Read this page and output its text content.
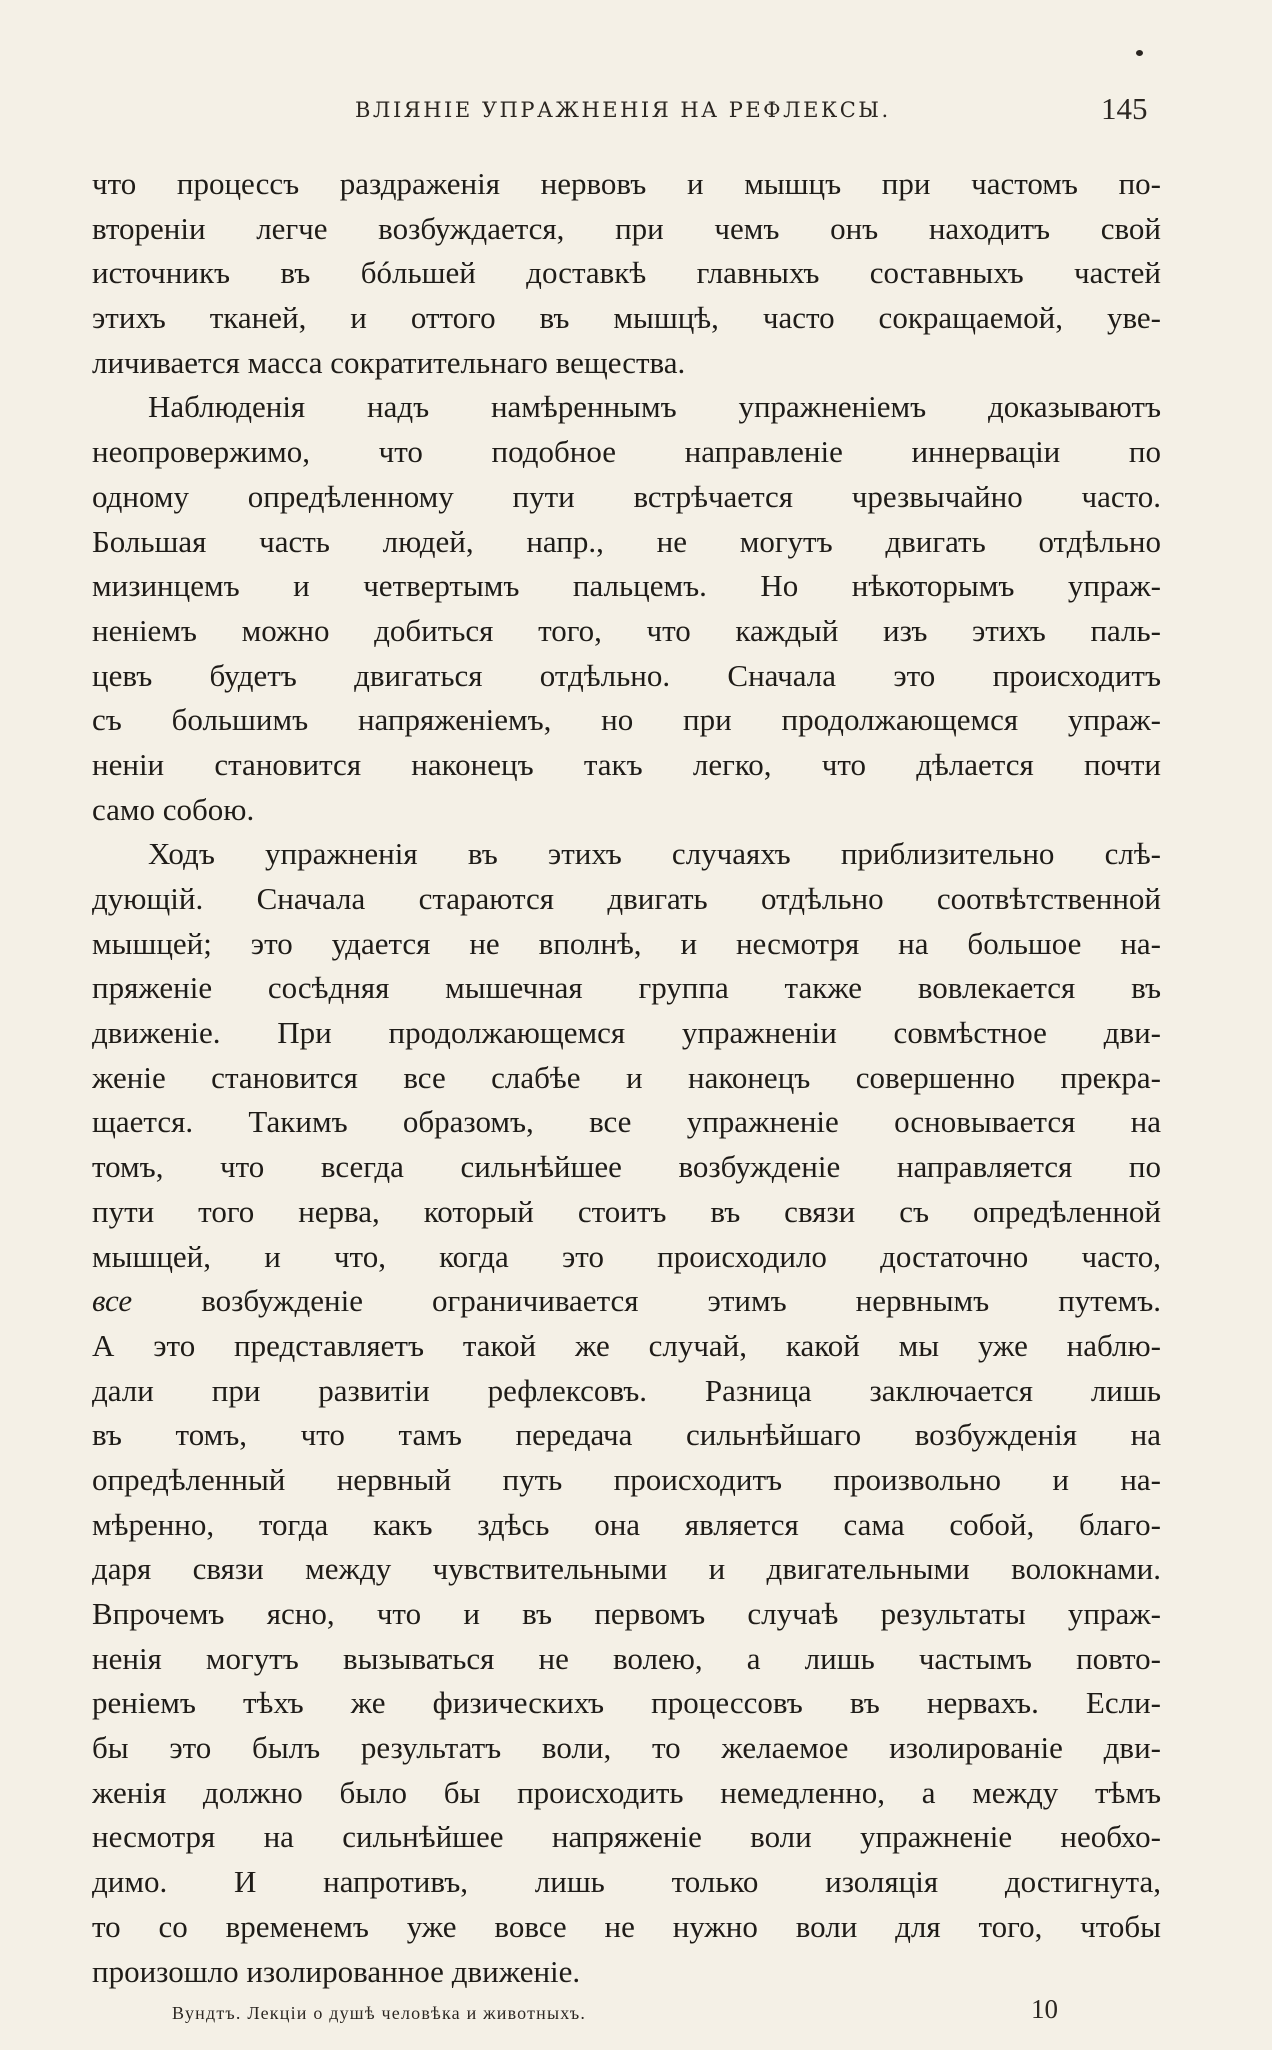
ВЛІЯНІЕ УПРАЖНЕНІЯ НА РЕФЛЕКСЫ.	145
что процессъ раздраженія нервовъ и мышцъ при частомъ по-
втореніи легче возбуждается, при чемъ онъ находитъ свой
источникъ въ бóльшей доставкѣ главныхъ составныхъ частей
этихъ тканей, и оттого въ мышцѣ, часто сокращаемой, уве-
личивается масса сократительнаго вещества.
Наблюденія надъ намѣреннымъ упражненіемъ доказываютъ
неопровержимо, что подобное направленіе иннерваціи по
одному опредѣленному пути встрѣчается чрезвычайно часто.
Большая часть людей, напр., не могутъ двигать отдѣльно
мизинцемъ и четвертымъ пальцемъ. Но нѣкоторымъ упраж-
неніемъ можно добиться того, что каждый изъ этихъ паль-
цевъ будетъ двигаться отдѣльно. Сначала это происходитъ
съ большимъ напряженіемъ, но при продолжающемся упраж-
неніи становится наконецъ такъ легко, что дѣлается почти
само собою.
Ходъ упражненія въ этихъ случаяхъ приблизительно слѣ-
дующій. Сначала стараются двигать отдѣльно соотвѣтственной
мышцей; это удается не вполнѣ, и несмотря на большое на-
пряженіе сосѣдняя мышечная группа также вовлекается въ
движеніе. При продолжающемся упражненіи совмѣстное дви-
женіе становится все слабѣе и наконецъ совершенно прекра-
щается. Такимъ образомъ, все упражненіе основывается на
томъ, что всегда сильнѣйшее возбужденіе направляется по
пути того нерва, который стоитъ въ связи съ опредѣленной
мышцей, и что, когда это происходило достаточно часто,
все возбужденіе ограничивается этимъ нервнымъ путемъ.
А это представляетъ такой же случай, какой мы уже наблю-
дали при развитіи рефлексовъ. Разница заключается лишь
въ томъ, что тамъ передача сильнѣйшаго возбужденія на
опредѣленный нервный путь происходитъ произвольно и на-
мѣренно, тогда какъ здѣсь она является сама собой, благо-
даря связи между чувствительными и двигательными волокнами.
Впрочемъ ясно, что и въ первомъ случаѣ результаты упраж-
ненія могутъ вызываться не волею, а лишь частымъ повто-
реніемъ тѣхъ же физическихъ процессовъ въ нервахъ. Если-
бы это былъ результатъ воли, то желаемое изолированіе дви-
женія должно было бы происходить немедленно, а между тѣмъ
несмотря на сильнѣйшее напряженіе воли упражненіе необхо-
димо. И напротивъ, лишь только изоляція достигнута,
то со временемъ уже вовсе не нужно воли для того, чтобы
произошло изолированное движеніе.
Вундтъ. Лекціи о душѣ человѣка и животныхъ.	10
